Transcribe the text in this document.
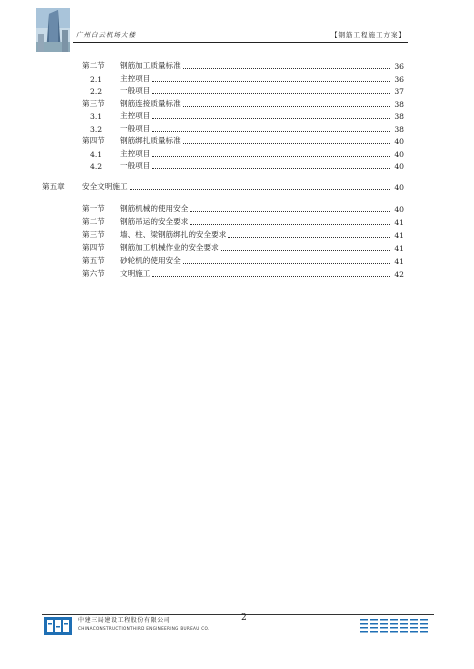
广州白云机场大楼	【钢筋工程施工方案】
第二节	钢筋加工质量标准	36
2.1	主控项目	36
2.2	一般项目	37
第三节	钢筋连接质量标准	38
3.1	主控项目	38
3.2	一般项目	38
第四节	钢筋绑扎质量标准	40
4.1	主控项目	40
4.2	一般项目	40
第五章	安全文明施工	40
第一节	钢筋机械的使用安全	40
第二节	钢筋吊运的安全要求	41
第三节	墙、柱、梁钢筋绑扎的安全要求	41
第四节	钢筋加工机械作业的安全要求	41
第五节	砂轮机的使用安全	41
第六节	文明施工	42
中建三局建设工程股份有限公司
CHINACONSTRUCTIONTHIRD ENGINEERING BUREAU CO.
2
